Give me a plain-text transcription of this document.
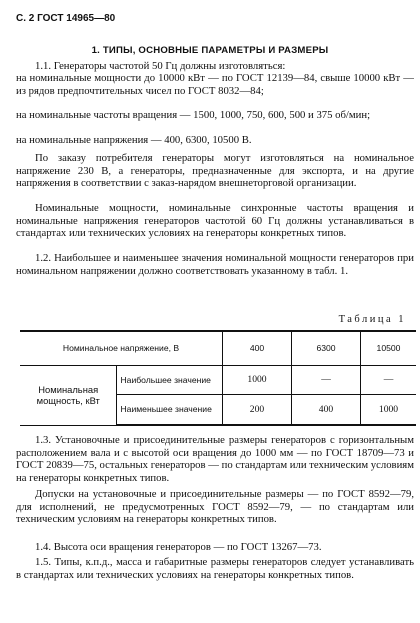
С. 2 ГОСТ 14965—80
1. ТИПЫ, ОСНОВНЫЕ ПАРАМЕТРЫ И РАЗМЕРЫ
1.1. Генераторы частотой 50 Гц должны изготовляться:
на номинальные мощности до 10000 кВт — по ГОСТ 12139—84, свыше 10000 кВт — из рядов предпочтительных чисел по ГОСТ 8032—84;
на номинальные частоты вращения — 1500, 1000, 750, 600, 500 и 375 об/мин;
на номинальные напряжения — 400, 6300, 10500 В.
По заказу потребителя генераторы могут изготовляться на номинальное напряжение 230 В, а генераторы, предназначенные для экспорта, и на другие напряжения в соответствии с заказ-нарядом внешнеторговой организации.
Номинальные мощности, номинальные синхронные частоты вращения и номинальные напряжения генераторов частотой 60 Гц должны устанавливаться в стандартах или технических условиях на генераторы конкретных типов.
1.2. Наибольшее и наименьшее значения номинальной мощности генераторов при номинальном напряжении должно соответствовать указанному в табл. 1.
Таблица 1
Номинальное напряжение, В		400	6300	10500
Номинальная мощность, кВт	Наибольшее значение	1000	—	—
	Наименьшее значение	200	400	1000
1.3. Установочные и присоединительные размеры генераторов с горизонтальным расположением вала и с высотой оси вращения до 1000 мм — по ГОСТ 18709—73 и ГОСТ 20839—75, остальных генераторов — по стандартам или техническим условиям на генераторы конкретных типов.
Допуски на установочные и присоединительные размеры — по ГОСТ 8592—79, для исполнений, не предусмотренных ГОСТ 8592—79, — по стандартам или техническим условиям на генераторы конкретных типов.
1.4. Высота оси вращения генераторов — по ГОСТ 13267—73.
1.5. Типы, к.п.д., масса и габаритные размеры генераторов следует устанавливать в стандартах или технических условиях на генераторы конкретных типов.
